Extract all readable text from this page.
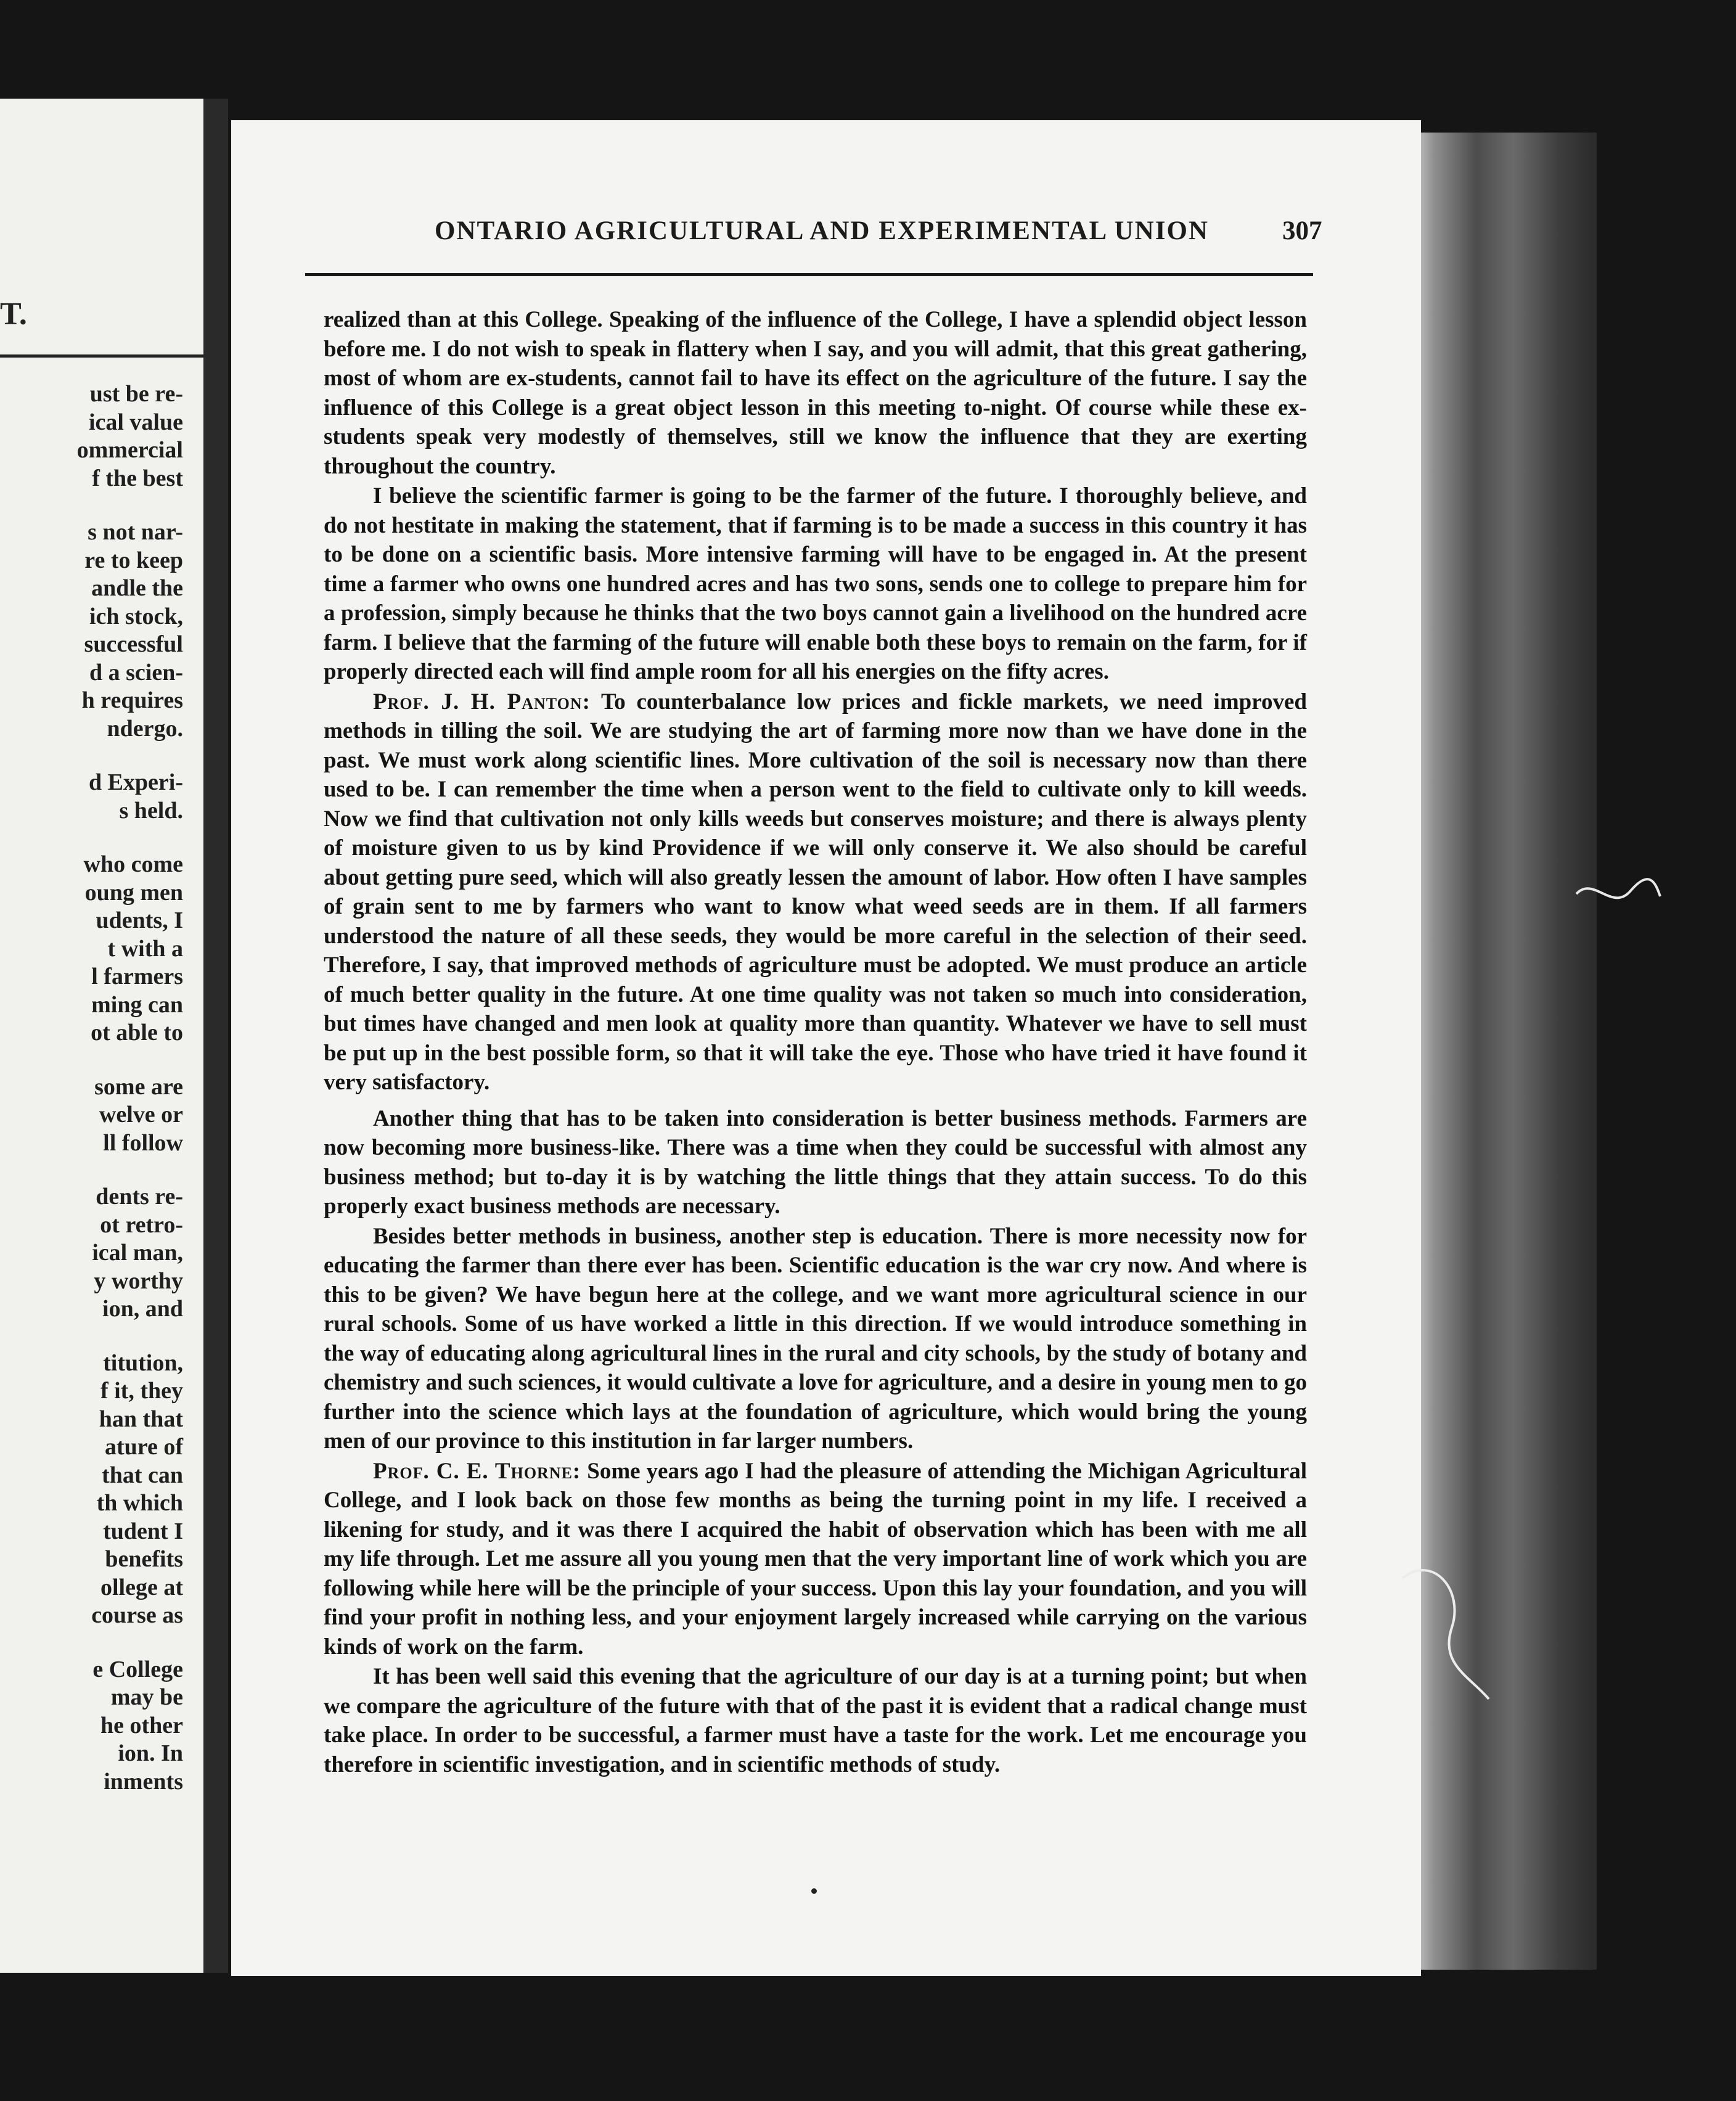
T.
ust be re-
ical value
ommercial
f the best
s not nar-
re to keep
andle the
ich stock,
successful
d a scien-
h requires
ndergo.
d Experi-
s held.
who come
oung men
udents, I
t with a
l farmers
ming can
ot able to
some are
welve or
ll follow
dents re-
ot retro-
ical man,
y worthy
ion, and
titution,
f it, they
han that
ature of
that can
th which
tudent I
benefits
ollege at
course as
e College
may be
he other
ion. In
inments
ONTARIO AGRICULTURAL AND EXPERIMENTAL UNION	307

realized than at this College. Speaking of the influence of the College, I have a splendid object lesson before me. I do not wish to speak in flattery when I say, and you will admit, that this great gathering, most of whom are ex-students, cannot fail to have its effect on the agriculture of the future. I say the influence of this College is a great object lesson in this meeting to-night. Of course while these ex-students speak very modestly of themselves, still we know the influence that they are exerting throughout the country.

I believe the scientific farmer is going to be the farmer of the future. I thoroughly believe, and do not hestitate in making the statement, that if farming is to be made a success in this country it has to be done on a scientific basis. More intensive farming will have to be engaged in. At the present time a farmer who owns one hundred acres and has two sons, sends one to college to prepare him for a profession, simply because he thinks that the two boys cannot gain a livelihood on the hundred acre farm. I believe that the farming of the future will enable both these boys to remain on the farm, for if properly directed each will find ample room for all his energies on the fifty acres.

Prof. J. H. Panton: To counterbalance low prices and fickle markets, we need improved methods in tilling the soil. We are studying the art of farming more now than we have done in the past. We must work along scientific lines. More cultivation of the soil is necessary now than there used to be. I can remember the time when a person went to the field to cultivate only to kill weeds. Now we find that cultivation not only kills weeds but conserves moisture; and there is always plenty of moisture given to us by kind Providence if we will only conserve it. We also should be careful about getting pure seed, which will also greatly lessen the amount of labor. How often I have samples of grain sent to me by farmers who want to know what weed seeds are in them. If all farmers understood the nature of all these seeds, they would be more careful in the selection of their seed. Therefore, I say, that improved methods of agriculture must be adopted. We must produce an article of much better quality in the future. At one time quality was not taken so much into consideration, but times have changed and men look at quality more than quantity. Whatever we have to sell must be put up in the best possible form, so that it will take the eye. Those who have tried it have found it very satisfactory.

Another thing that has to be taken into consideration is better business methods. Farmers are now becoming more business-like. There was a time when they could be successful with almost any business method; but to-day it is by watching the little things that they attain success. To do this properly exact business methods are necessary.

Besides better methods in business, another step is education. There is more necessity now for educating the farmer than there ever has been. Scientific education is the war cry now. And where is this to be given? We have begun here at the college, and we want more agricultural science in our rural schools. Some of us have worked a little in this direction. If we would introduce something in the way of educating along agricultural lines in the rural and city schools, by the study of botany and chemistry and such sciences, it would cultivate a love for agriculture, and a desire in young men to go further into the science which lays at the foundation of agriculture, which would bring the young men of our province to this institution in far larger numbers.

Prof. C. E. Thorne: Some years ago I had the pleasure of attending the Michigan Agricultural College, and I look back on those few months as being the turning point in my life. I received a likening for study, and it was there I acquired the habit of observation which has been with me all my life through. Let me assure all you young men that the very important line of work which you are following while here will be the principle of your success. Upon this lay your foundation, and you will find your profit in nothing less, and your enjoyment largely increased while carrying on the various kinds of work on the farm.

It has been well said this evening that the agriculture of our day is at a turning point; but when we compare the agriculture of the future with that of the past it is evident that a radical change must take place. In order to be successful, a farmer must have a taste for the work. Let me encourage you therefore in scientific investigation, and in scientific methods of study.
